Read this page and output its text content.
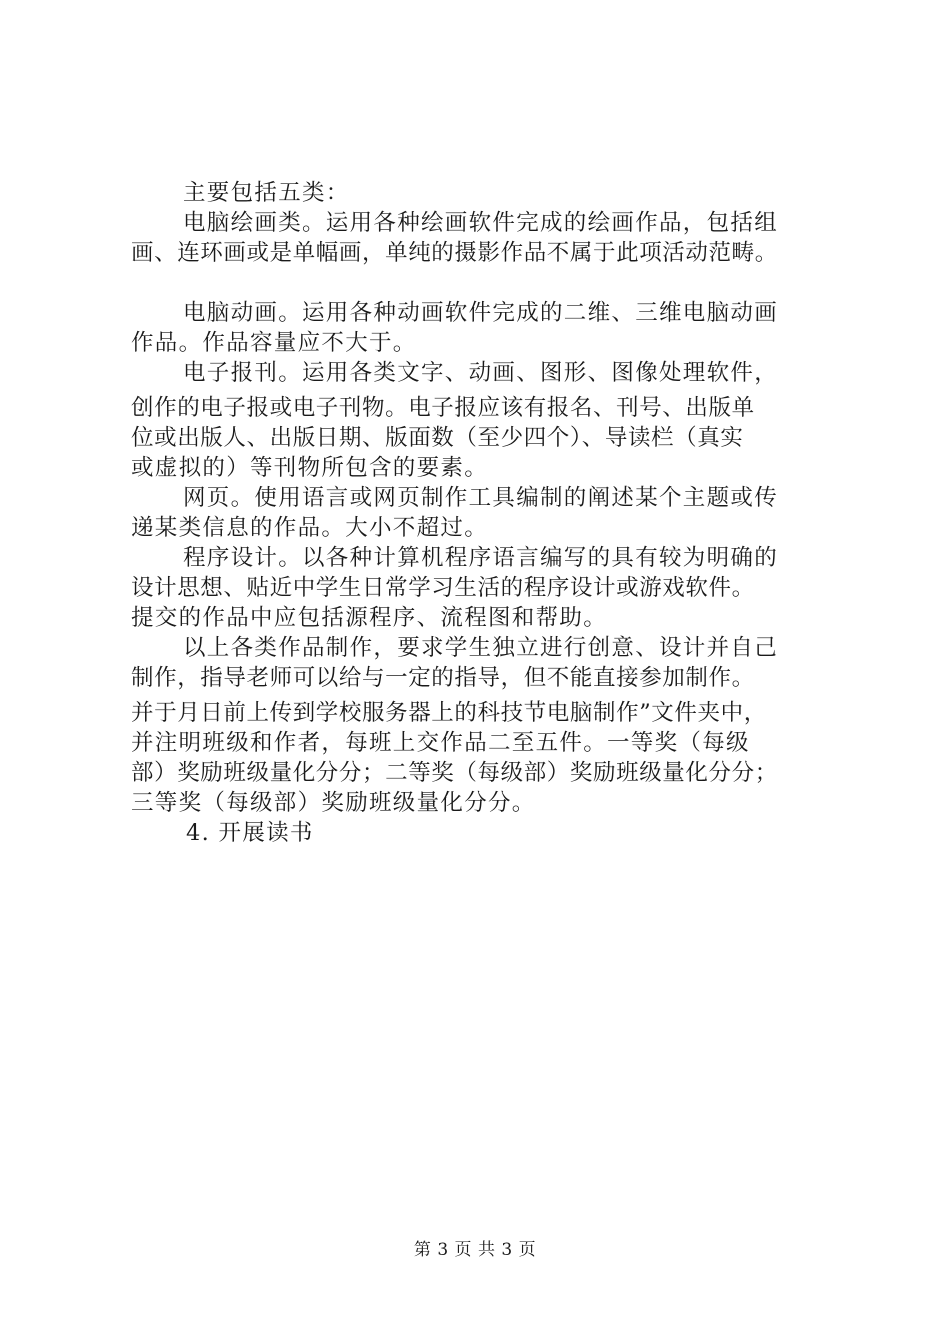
主要包括五类：
电脑绘画类。运用各种绘画软件完成的绘画作品，包括组
画、连环画或是单幅画，单纯的摄影作品不属于此项活动范畴。
电脑动画。运用各种动画软件完成的二维、三维电脑动画
作品。作品容量应不大于。
电子报刊。运用各类文字、动画、图形、图像处理软件，
创作的电子报或电子刊物。电子报应该有报名、刊号、出版单
位或出版人、出版日期、版面数（至少四个）、导读栏（真实
或虚拟的）等刊物所包含的要素。
网页。使用语言或网页制作工具编制的阐述某个主题或传
递某类信息的作品。大小不超过。
程序设计。以各种计算机程序语言编写的具有较为明确的
设计思想、贴近中学生日常学习生活的程序设计或游戏软件。
提交的作品中应包括源程序、流程图和帮助。
以上各类作品制作，要求学生独立进行创意、设计并自己
制作，指导老师可以给与一定的指导，但不能直接参加制作。
并于月日前上传到学校服务器上的科技节电脑制作”文件夹中，
并注明班级和作者，每班上交作品二至五件。一等奖（每级
部）奖励班级量化分分；二等奖（每级部）奖励班级量化分分；
三等奖（每级部）奖励班级量化分分。
4. 开展读书
第 3 页 共 3 页
